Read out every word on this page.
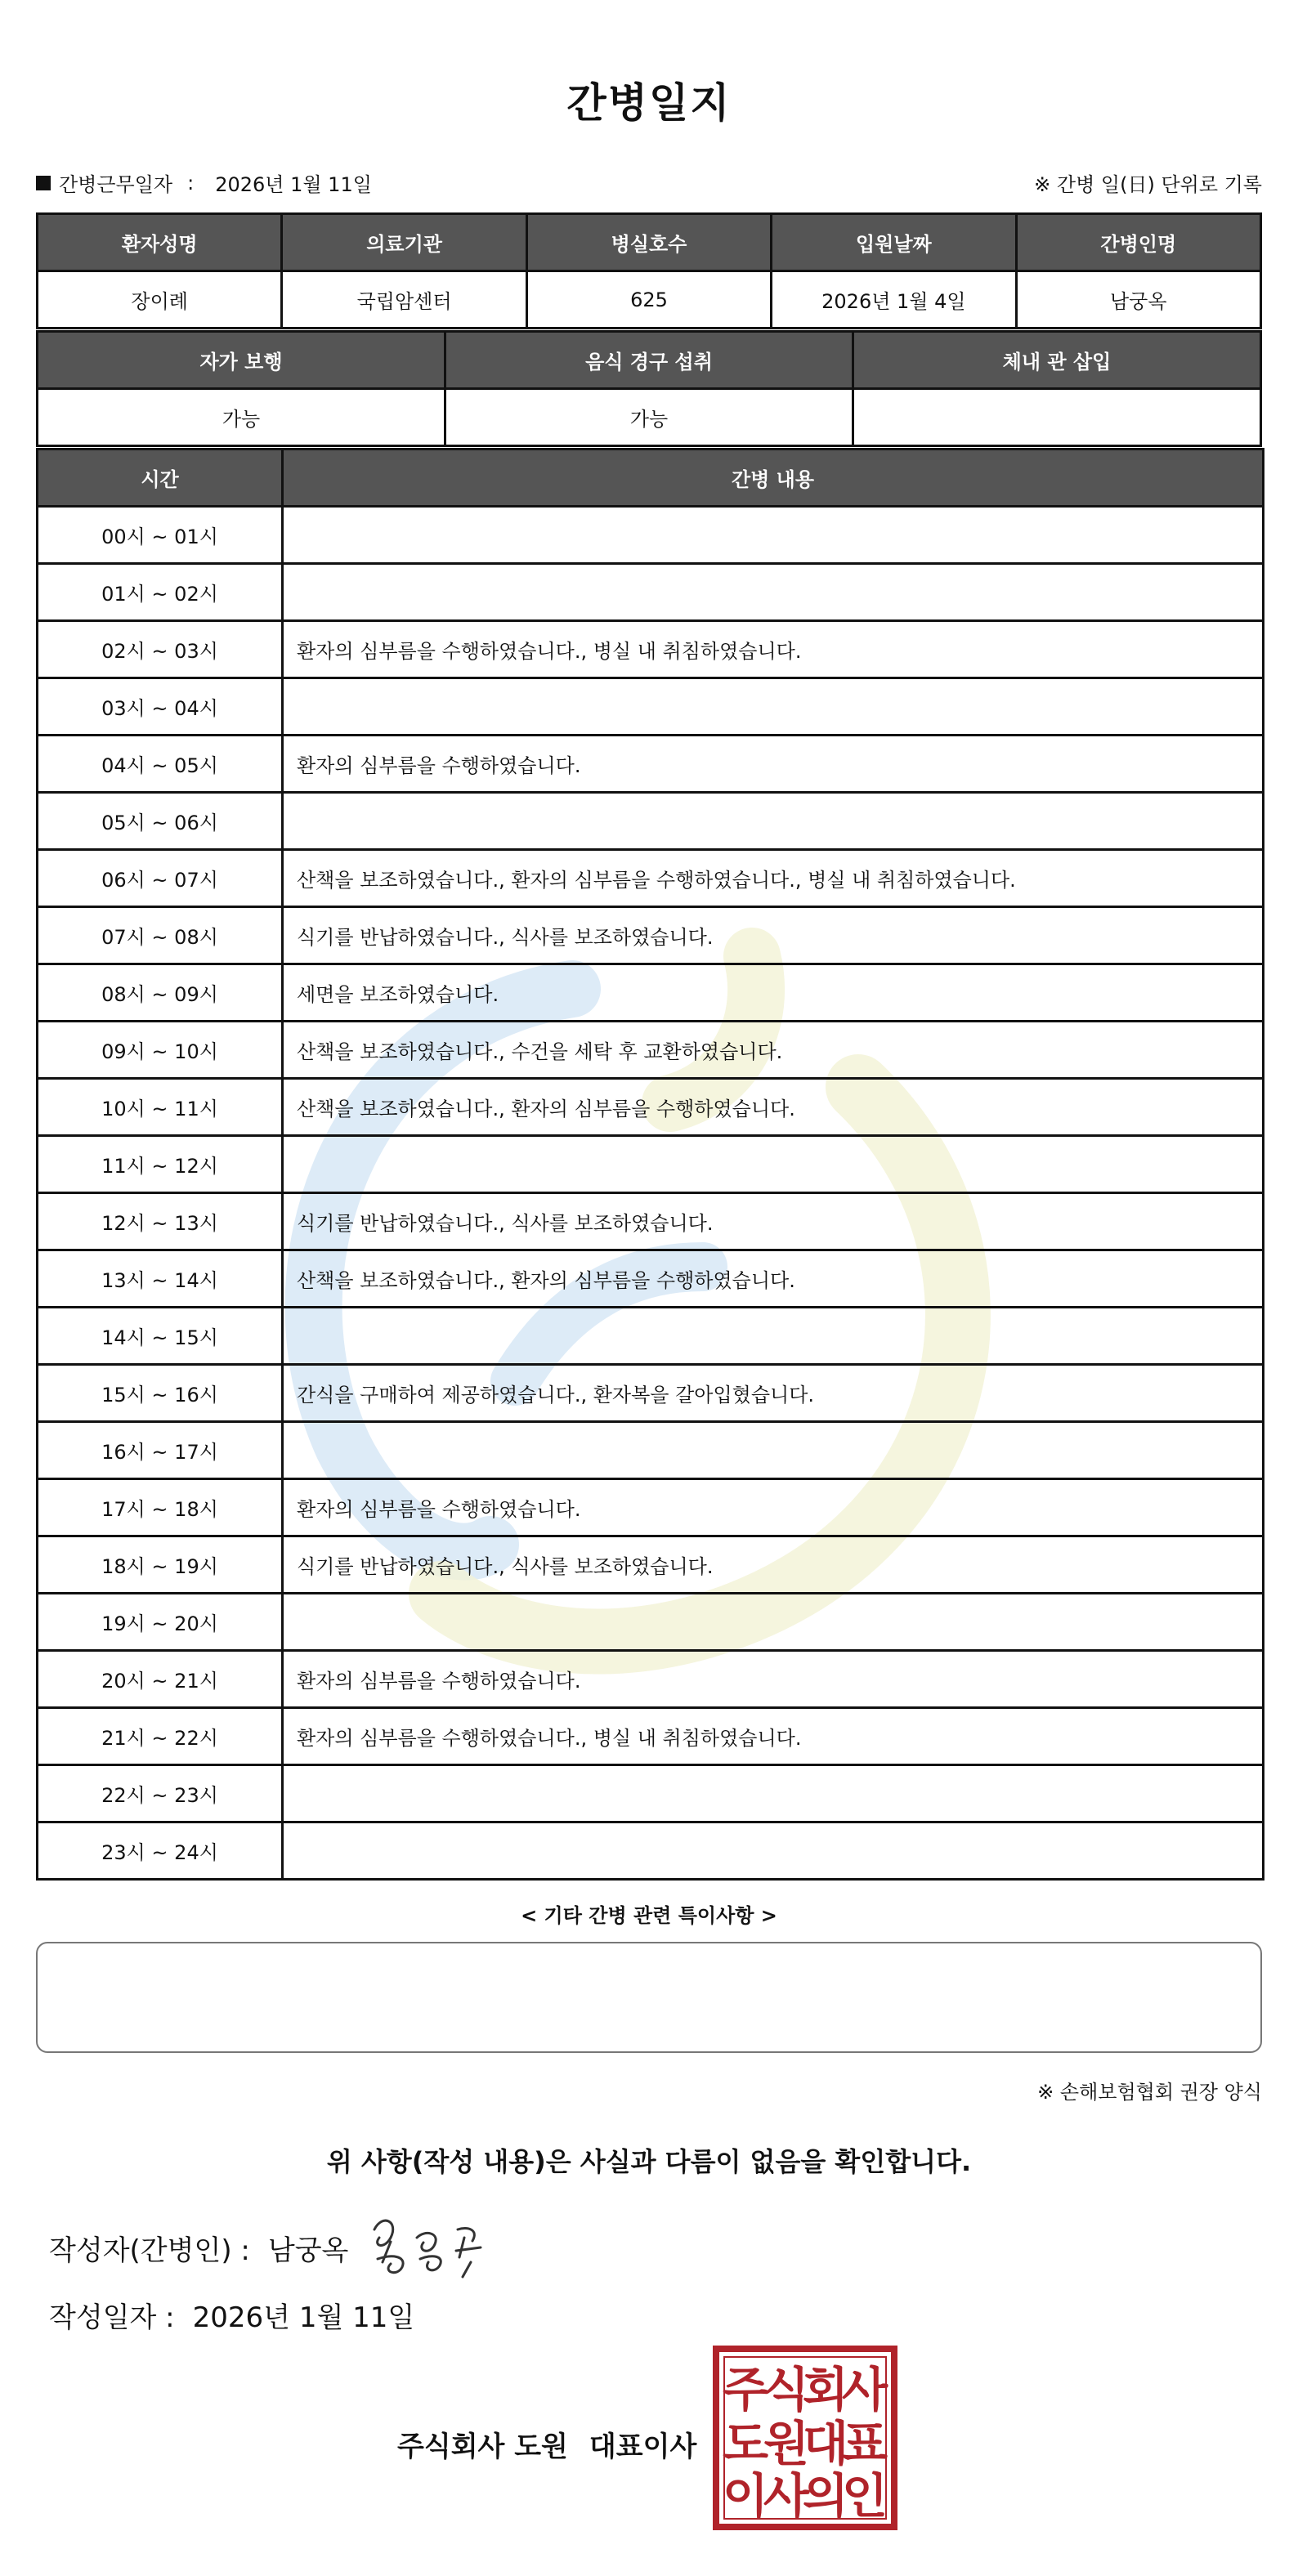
간병일지
간병근무일자 : 2026년 1월 11일	※ 간병 일(日) 단위로 기록
환자성명	의료기관	병실호수	입원날짜	간병인명
장이례	국립암센터	625	2026년 1월 4일	남궁옥
자가 보행	음식 경구 섭취	체내 관 삽입
가능	가능	
시간	간병 내용
00시 ~ 01시	
01시 ~ 02시	
02시 ~ 03시	환자의 심부름을 수행하였습니다., 병실 내 취침하였습니다.
03시 ~ 04시	
04시 ~ 05시	환자의 심부름을 수행하였습니다.
05시 ~ 06시	
06시 ~ 07시	산책을 보조하였습니다., 환자의 심부름을 수행하였습니다., 병실 내 취침하였습니다.
07시 ~ 08시	식기를 반납하였습니다., 식사를 보조하였습니다.
08시 ~ 09시	세면을 보조하였습니다.
09시 ~ 10시	산책을 보조하였습니다., 수건을 세탁 후 교환하였습니다.
10시 ~ 11시	산책을 보조하였습니다., 환자의 심부름을 수행하였습니다.
11시 ~ 12시	
12시 ~ 13시	식기를 반납하였습니다., 식사를 보조하였습니다.
13시 ~ 14시	산책을 보조하였습니다., 환자의 심부름을 수행하였습니다.
14시 ~ 15시	
15시 ~ 16시	간식을 구매하여 제공하였습니다., 환자복을 갈아입혔습니다.
16시 ~ 17시	
17시 ~ 18시	환자의 심부름을 수행하였습니다.
18시 ~ 19시	식기를 반납하였습니다., 식사를 보조하였습니다.
19시 ~ 20시	
20시 ~ 21시	환자의 심부름을 수행하였습니다.
21시 ~ 22시	환자의 심부름을 수행하였습니다., 병실 내 취침하였습니다.
22시 ~ 23시	
23시 ~ 24시	
< 기타 간병 관련 특이사항 >
※ 손해보험협회 권장 양식
위 사항(작성 내용)은 사실과 다름이 없음을 확인합니다.
작성자(간병인) : 남궁옥
작성일자 : 2026년 1월 11일
주식회사 도원 대표이사
주
식
회
사
도
원
대
표
이
사
의
인
